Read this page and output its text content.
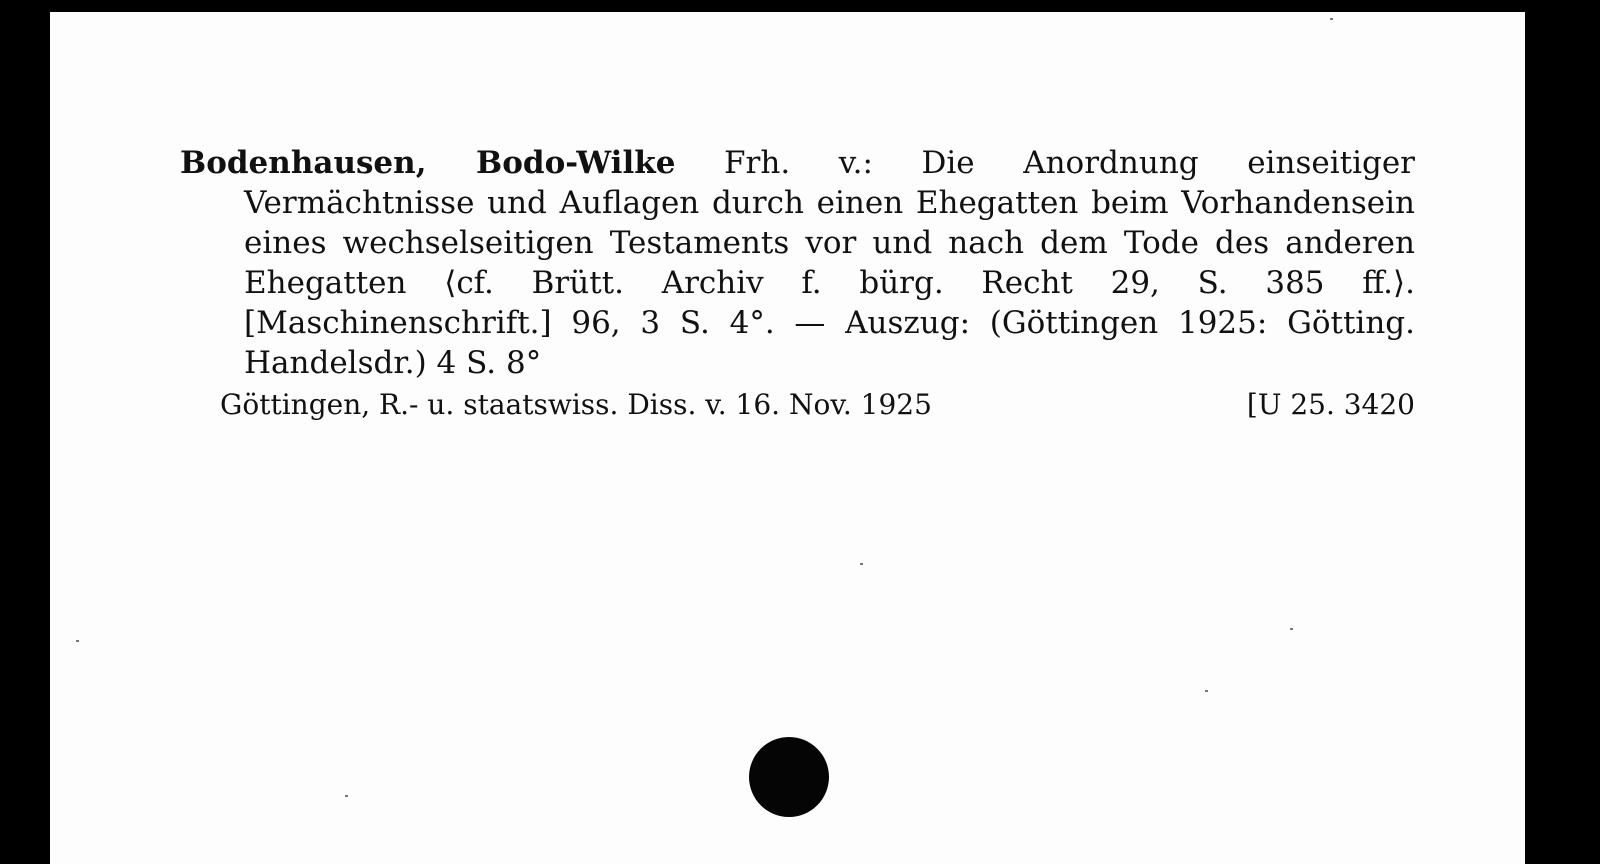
Bodenhausen, Bodo-Wilke Frh. v.: Die Anordnung einseitiger Vermächtnisse und Auflagen durch einen Ehegatten beim Vorhandensein eines wechselseitigen Testaments vor und nach dem Tode des anderen Ehegatten ⟨cf. Brütt. Archiv f. bürg. Recht 29, S. 385 ff.⟩. [Maschinenschrift.] 96, 3 S. 4°. — Auszug: (Göttingen 1925: Götting. Handelsdr.) 4 S. 8°

Göttingen, R.- u. staatswiss. Diss. v. 16. Nov. 1925	[U 25. 3420
